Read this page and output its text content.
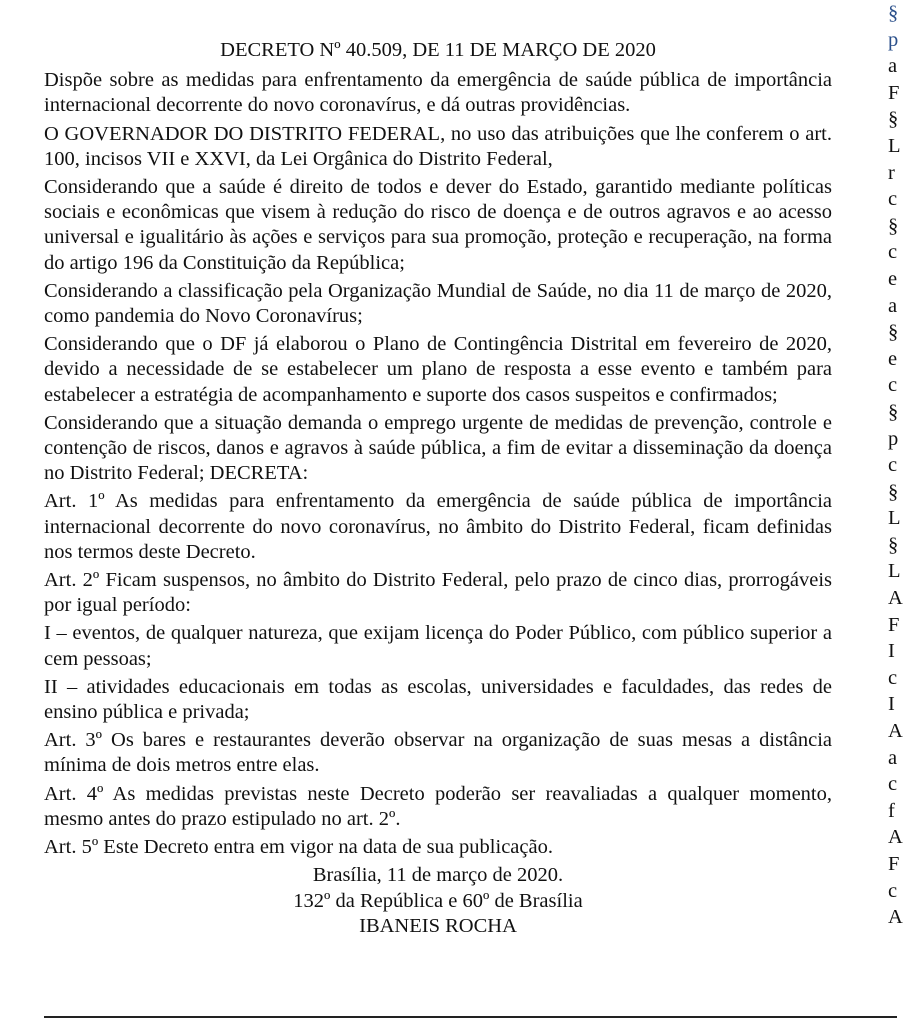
DECRETO Nº 40.509, DE 11 DE MARÇO DE 2020
Dispõe sobre as medidas para enfrentamento da emergência de saúde pública de importância internacional decorrente do novo coronavírus, e dá outras providências.
O GOVERNADOR DO DISTRITO FEDERAL, no uso das atribuições que lhe conferem o art. 100, incisos VII e XXVI, da Lei Orgânica do Distrito Federal,
Considerando que a saúde é direito de todos e dever do Estado, garantido mediante políticas sociais e econômicas que visem à redução do risco de doença e de outros agravos e ao acesso universal e igualitário às ações e serviços para sua promoção, proteção e recuperação, na forma do artigo 196 da Constituição da República;
Considerando a classificação pela Organização Mundial de Saúde, no dia 11 de março de 2020, como pandemia do Novo Coronavírus;
Considerando que o DF já elaborou o Plano de Contingência Distrital em fevereiro de 2020, devido a necessidade de se estabelecer um plano de resposta a esse evento e também para estabelecer a estratégia de acompanhamento e suporte dos casos suspeitos e confirmados;
Considerando que a situação demanda o emprego urgente de medidas de prevenção, controle e contenção de riscos, danos e agravos à saúde pública, a fim de evitar a disseminação da doença no Distrito Federal; DECRETA:
Art. 1º As medidas para enfrentamento da emergência de saúde pública de importância internacional decorrente do novo coronavírus, no âmbito do Distrito Federal, ficam definidas nos termos deste Decreto.
Art. 2º Ficam suspensos, no âmbito do Distrito Federal, pelo prazo de cinco dias, prorrogáveis por igual período:
I – eventos, de qualquer natureza, que exijam licença do Poder Público, com público superior a cem pessoas;
II – atividades educacionais em todas as escolas, universidades e faculdades, das redes de ensino pública e privada;
Art. 3º Os bares e restaurantes deverão observar na organização de suas mesas a distância mínima de dois metros entre elas.
Art. 4º As medidas previstas neste Decreto poderão ser reavaliadas a qualquer momento, mesmo antes do prazo estipulado no art. 2º.
Art. 5º Este Decreto entra em vigor na data de sua publicação.
Brasília, 11 de março de 2020.
132º da República e 60º de Brasília
IBANEIS ROCHA
§
p
a
F
§
L
r
c
§
c
e
a
§
e
c
§
p
c
§
L
§
L
A
F
I
c
I
A
a
c
f
A
F
c
A
